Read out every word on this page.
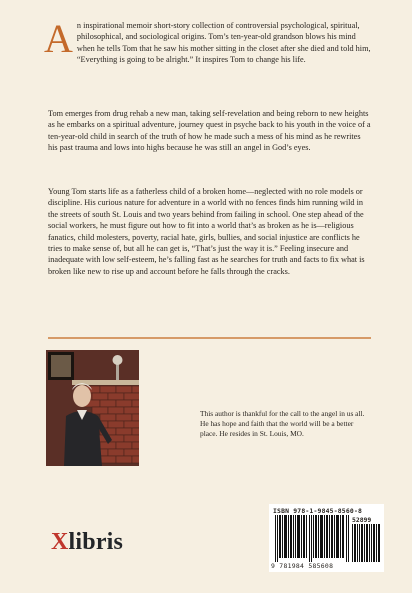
An inspirational memoir short-story collection of controversial psychological, spiritual, philosophical, and sociological origins. Tom’s ten-year-old grandson blows his mind when he tells Tom that he saw his mother sitting in the closet after she died and told him, “Everything is going to be alright.” It inspires Tom to change his life.

Tom emerges from drug rehab a new man, taking self-revelation and being reborn to new heights as he embarks on a spiritual adventure, journey quest in psyche back to his youth in the voice of a ten-year-old child in search of the truth of how he made such a mess of his mind as he rewrites his past trauma and lows into highs because he was still an angel in God’s eyes.

Young Tom starts life as a fatherless child of a broken home—neglected with no role models or discipline. His curious nature for adventure in a world with no fences finds him running wild in the streets of south St. Louis and two years behind from failing in school. One step ahead of the social workers, he must figure out how to fit into a world that’s as broken as he is—religious fanatics, child molesters, poverty, racial hate, girls, bullies, and social injustice are conflicts he tries to make sense of, but all he can get is, “That’s just the way it is.” Feeling insecure and inadequate with low self-esteem, he’s falling fast as he searches for truth and facts to fix what is broken like new to rise up and account before he falls through the cracks.

This author is thankful for the call to the angel in us all. He has hope and faith that the world will be a better place. He resides in St. Louis, MO.

Xlibris
ISBN 978-1-9845-8560-8
52899
9 781984 585608
